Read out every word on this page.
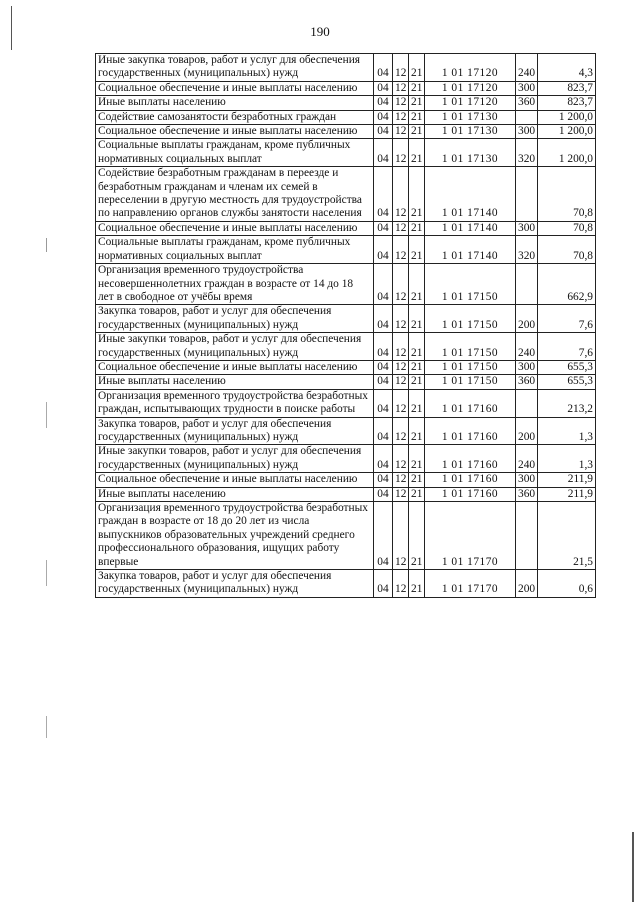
190
Иные закупка товаров, работ и услуг для обеспечения государственных (муниципальных) нужд	04	12	21	1 01 17120	240	4,3
Социальное обеспечение и иные выплаты населению	04	12	21	1 01 17120	300	823,7
Иные выплаты населению	04	12	21	1 01 17120	360	823,7
Содействие самозанятости безработных граждан	04	12	21	1 01 17130		1 200,0
Социальное обеспечение и иные выплаты населению	04	12	21	1 01 17130	300	1 200,0
Социальные выплаты гражданам, кроме публичных нормативных социальных выплат	04	12	21	1 01 17130	320	1 200,0
Содействие безработным гражданам в переезде и безработным гражданам и членам их семей в переселении в другую местность для трудоустройства по направлению органов службы занятости населения	04	12	21	1 01 17140		70,8
Социальное обеспечение и иные выплаты населению	04	12	21	1 01 17140	300	70,8
Социальные выплаты гражданам, кроме публичных нормативных социальных выплат	04	12	21	1 01 17140	320	70,8
Организация временного трудоустройства несовершеннолетних граждан в возрасте от 14 до 18 лет в свободное от учёбы время	04	12	21	1 01 17150		662,9
Закупка товаров, работ и услуг для обеспечения государственных (муниципальных) нужд	04	12	21	1 01 17150	200	7,6
Иные закупки товаров, работ и услуг для обеспечения государственных (муниципальных) нужд	04	12	21	1 01 17150	240	7,6
Социальное обеспечение и иные выплаты населению	04	12	21	1 01 17150	300	655,3
Иные выплаты населению	04	12	21	1 01 17150	360	655,3
Организация временного трудоустройства безработных граждан, испытывающих трудности в поиске работы	04	12	21	1 01 17160		213,2
Закупка товаров, работ и услуг для обеспечения государственных (муниципальных) нужд	04	12	21	1 01 17160	200	1,3
Иные закупки товаров, работ и услуг для обеспечения государственных (муниципальных) нужд	04	12	21	1 01 17160	240	1,3
Социальное обеспечение и иные выплаты населению	04	12	21	1 01 17160	300	211,9
Иные выплаты населению	04	12	21	1 01 17160	360	211,9
Организация временного трудоустройства безработных граждан в возрасте от 18 до 20 лет из числа выпускников образовательных учреждений среднего профессионального образования, ищущих работу впервые	04	12	21	1 01 17170		21,5
Закупка товаров, работ и услуг для обеспечения государственных (муниципальных) нужд	04	12	21	1 01 17170	200	0,6
